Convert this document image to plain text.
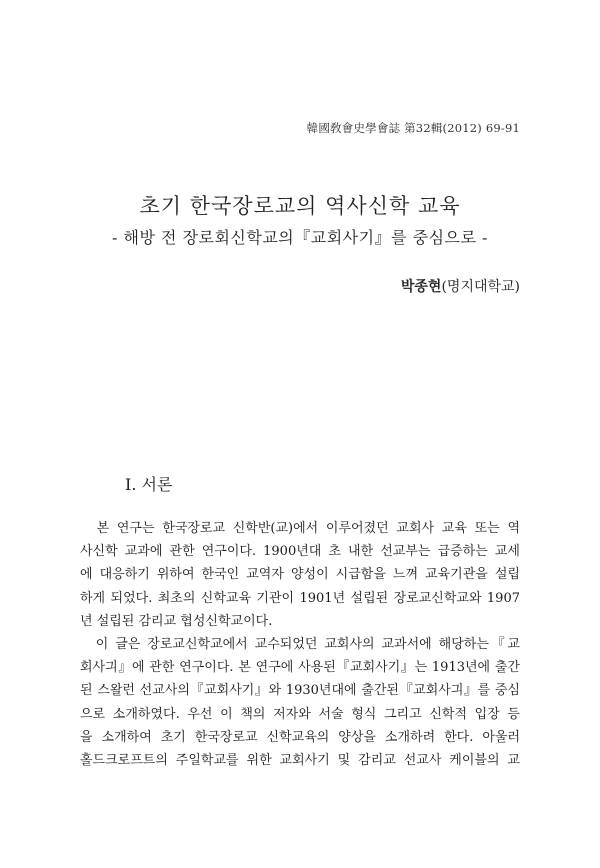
韓國敎會史學會誌 第32輯(2012) 69-91
초기 한국장로교의 역사신학 교육
- 해방 전 장로회신학교의『교회사기』를 중심으로 -
박종현(명지대학교)
Ⅰ. 서론
　본 연구는 한국장로교 신학반(교)에서 이루어졌던 교회사 교육 또는 역
사신학 교과에 관한 연구이다. 1900년대 초 내한 선교부는 급증하는 교세
에 대응하기 위하여 한국인 교역자 양성이 시급함을 느껴 교육기관을 설립
하게 되었다. 최초의 신학교육 기관이 1901년 설립된 장로교신학교와 1907
년 설립된 감리교 협성신학교이다.
　이 글은 장로교신학교에서 교수되었던 교회사의 교과서에 해당하는『교
회사긔』에 관한 연구이다. 본 연구에 사용된『교회사기』는 1913년에 출간
된 스왈런 선교사의『교회사기』와 1930년대에 출간된『교회사긔』를 중심
으로 소개하였다. 우선 이 책의 저자와 서술 형식 그리고 신학적 입장 등
을 소개하여 초기 한국장로교 신학교육의 양상을 소개하려 한다. 아울러
홀드크로프트의 주일학교를 위한 교회사기 및 감리교 선교사 케이블의 교
